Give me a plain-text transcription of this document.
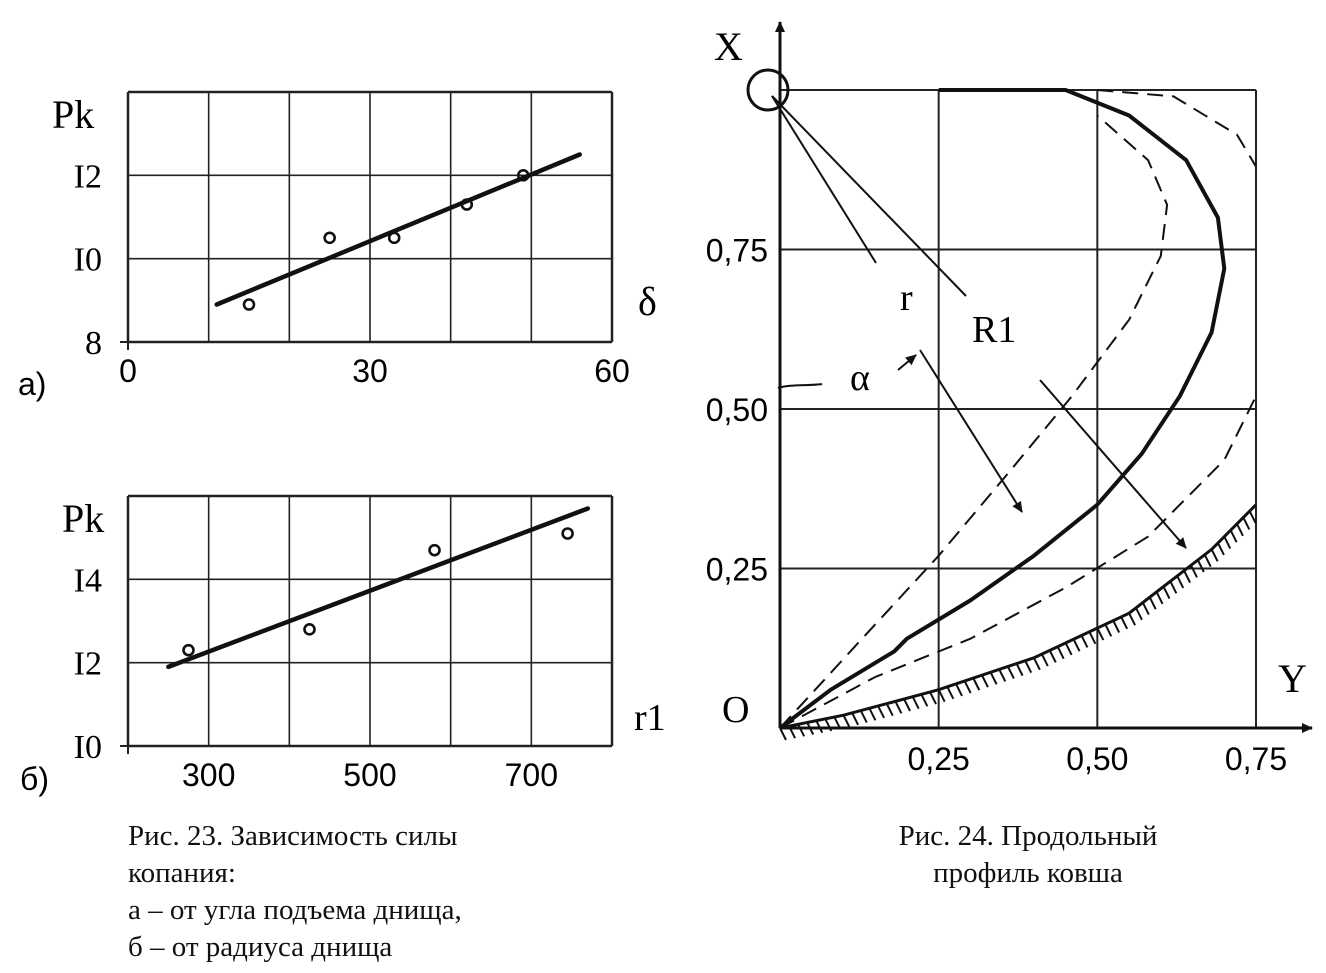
0	30	60
8
I0
I2
Pk
δ
а)
300	500	700
I0
I2
I4
Pk
r1
б)
0,25	0,50	0,75
0,25
0,50
0,75
X
Y
O
r
R1
α
Рис. 23. Зависимость силы
копания:
а – от угла подъема днища,
б – от радиуса днища
Рис. 24. Продольный
профиль ковша
